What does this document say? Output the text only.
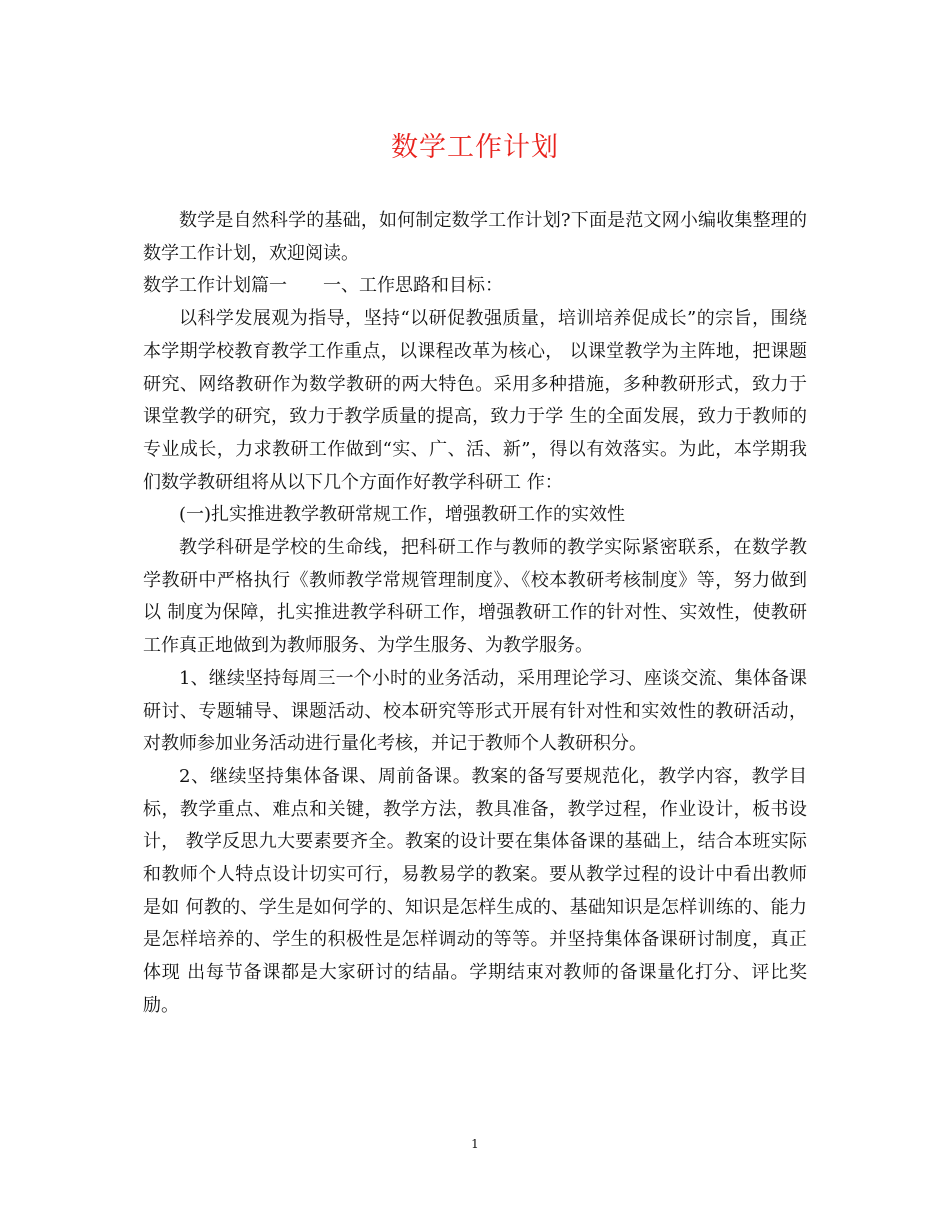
数学工作计划

数学是自然科学的基础，如何制定数学工作计划?下面是范文网小编收集整理的数学工作计划，欢迎阅读。

数学工作计划篇一　　一、工作思路和目标：

以科学发展观为指导，坚持“以研促教强质量，培训培养促成长”的宗旨，围绕本学期学校教育教学工作重点，以课程改革为核心， 以课堂教学为主阵地，把课题研究、网络教研作为数学教研的两大特色。采用多种措施，多种教研形式，致力于课堂教学的研究，致力于教学质量的提高，致力于学 生的全面发展，致力于教师的专业成长，力求教研工作做到“实、广、活、新”，得以有效落实。为此，本学期我们数学教研组将从以下几个方面作好教学科研工 作：

(一)扎实推进教学教研常规工作，增强教研工作的实效性

教学科研是学校的生命线，把科研工作与教师的教学实际紧密联系，在数学教学教研中严格执行《教师教学常规管理制度》、《校本教研考核制度》等，努力做到以 制度为保障，扎实推进教学科研工作，增强教研工作的针对性、实效性，使教研工作真正地做到为教师服务、为学生服务、为教学服务。

1、继续坚持每周三一个小时的业务活动，采用理论学习、座谈交流、集体备课研讨、专题辅导、课题活动、校本研究等形式开展有针对性和实效性的教研活动，对教师参加业务活动进行量化考核，并记于教师个人教研积分。

2、继续坚持集体备课、周前备课。教案的备写要规范化，教学内容，教学目标，教学重点、难点和关键，教学方法，教具准备，教学过程，作业设计，板书设计， 教学反思九大要素要齐全。教案的设计要在集体备课的基础上，结合本班实际和教师个人特点设计切实可行，易教易学的教案。要从教学过程的设计中看出教师是如 何教的、学生是如何学的、知识是怎样生成的、基础知识是怎样训练的、能力是怎样培养的、学生的积极性是怎样调动的等等。并坚持集体备课研讨制度，真正体现 出每节备课都是大家研讨的结晶。学期结束对教师的备课量化打分、评比奖励。

1
